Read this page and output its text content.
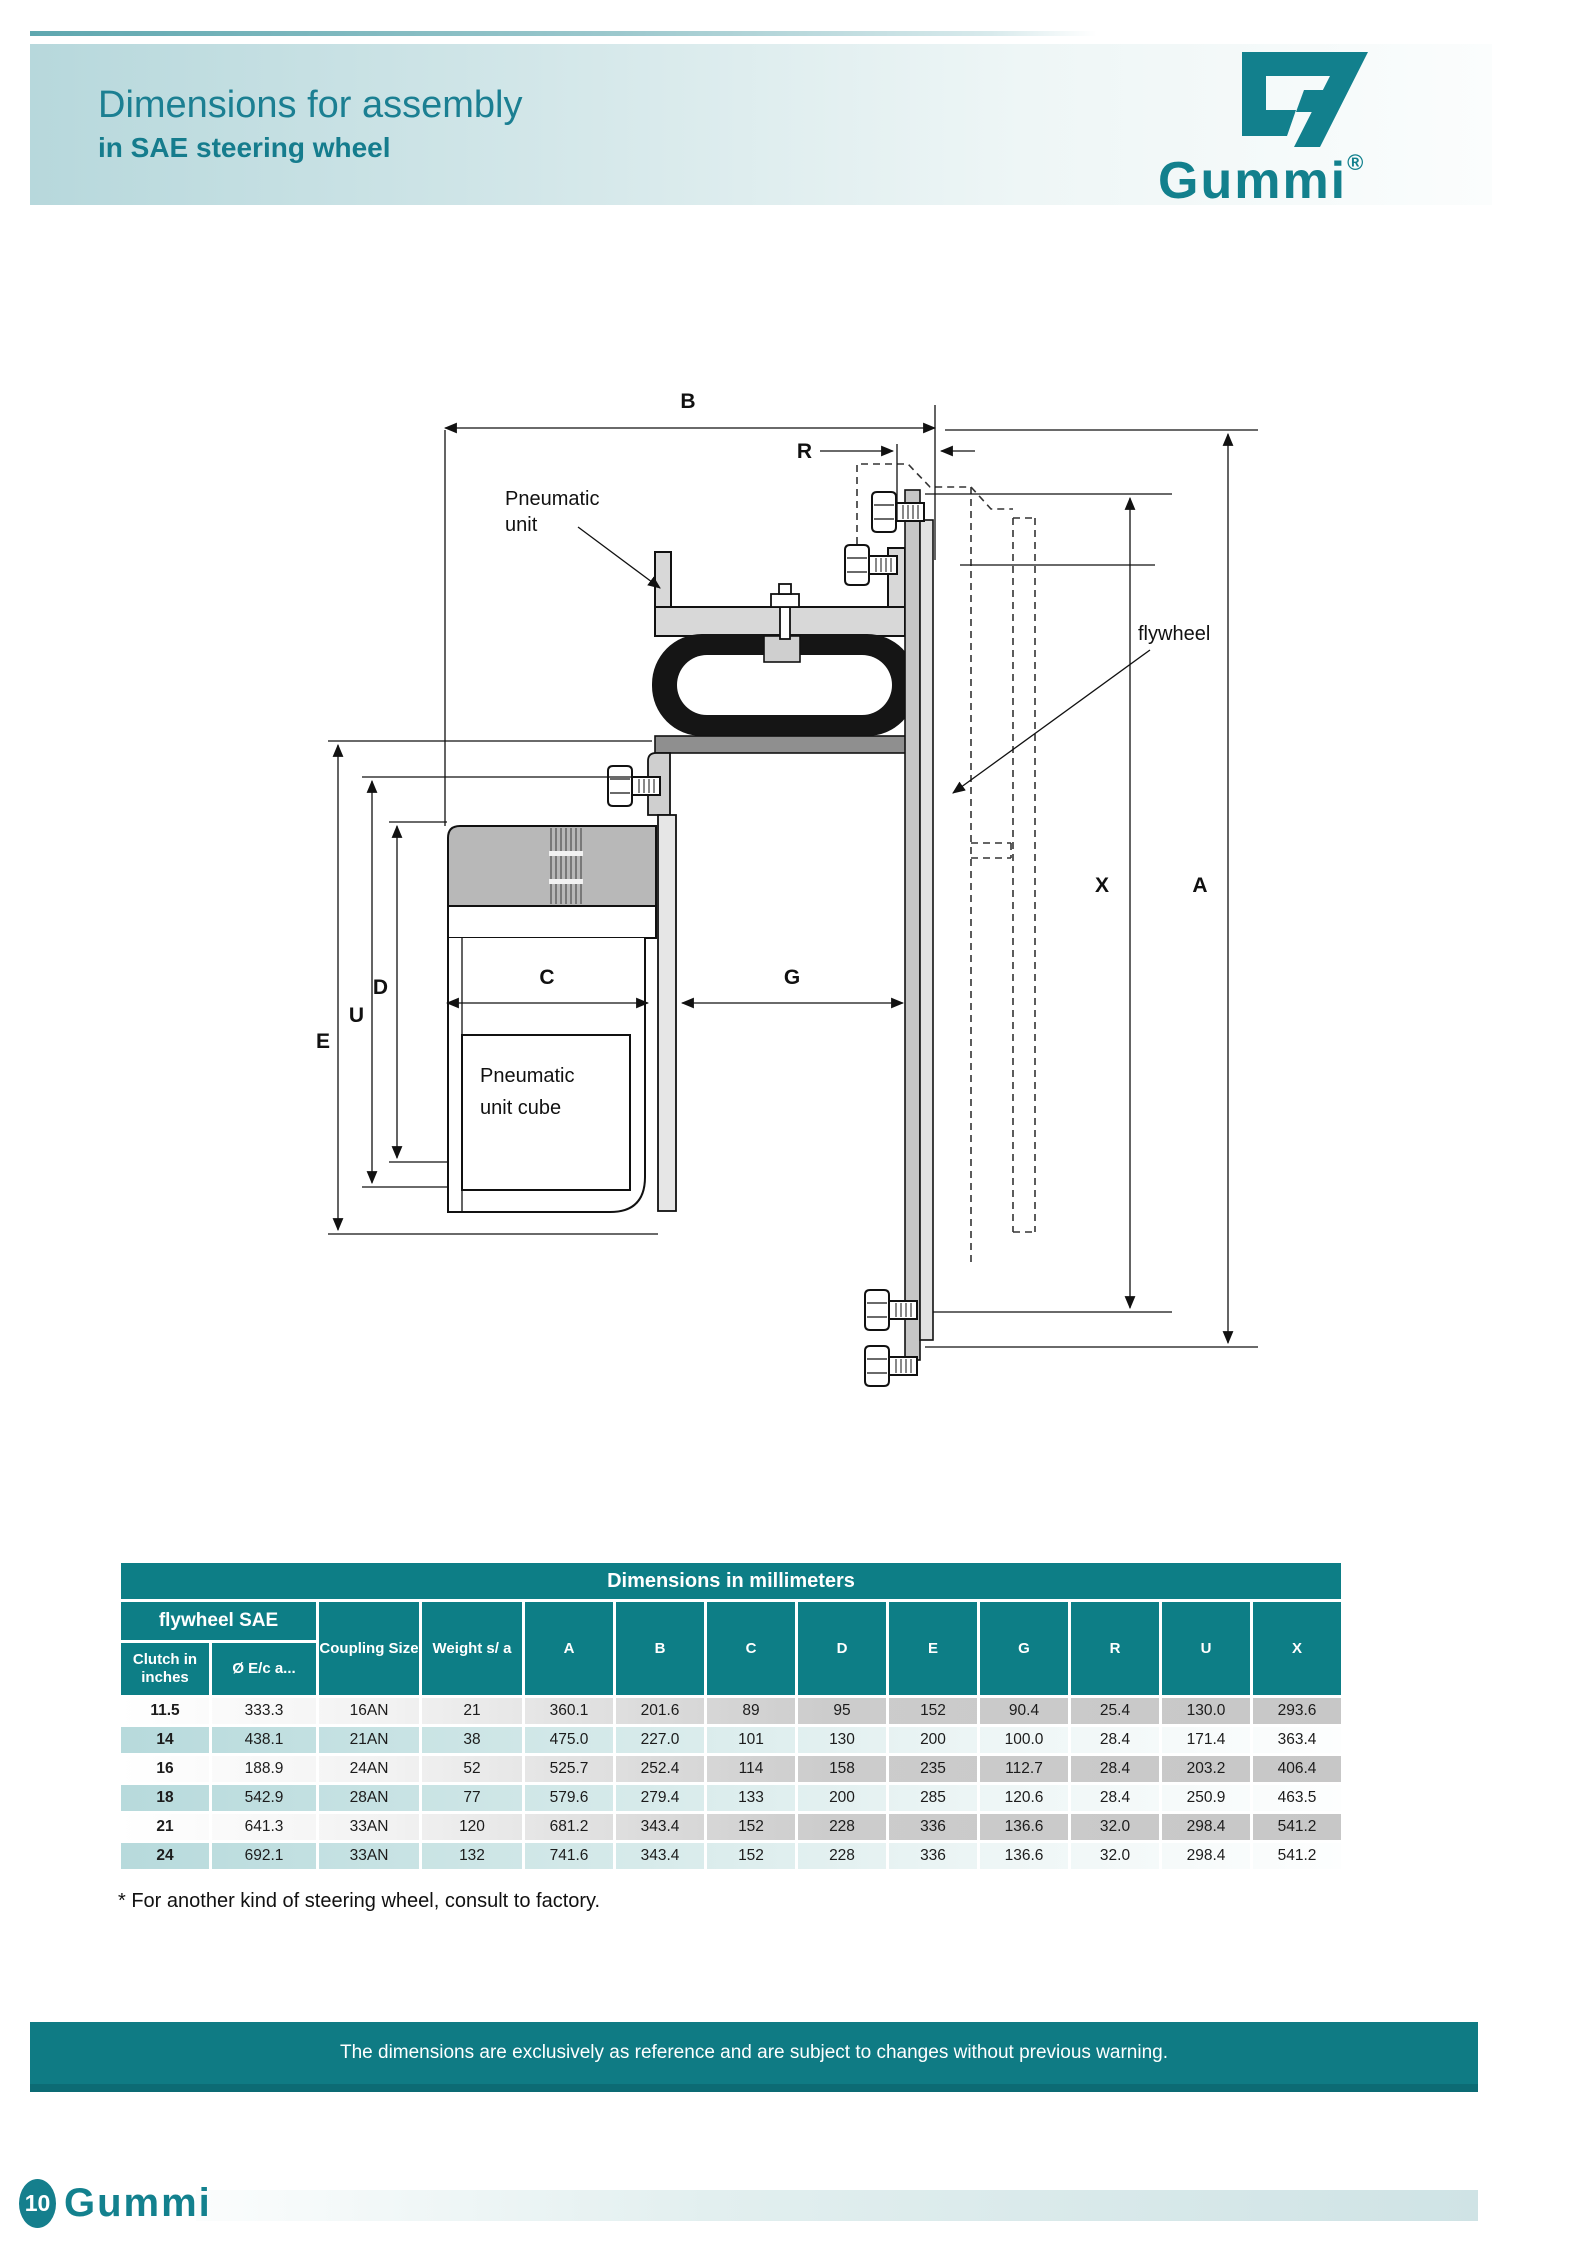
Dimensions for assembly
in SAE steering wheel
Gummi®
Pneumatic
unit cube
B
R
C	G
D
U
E
X	A
Pneumatic
unit
flywheel
Dimensions in millimeters												
flywheel SAE		Coupling Size	Weight s/ a	A	B	C	D	E	G	R	U	X
Clutch in inches	Ø E/c a...											
11.5	333.3	16AN	21	360.1	201.6	89	95	152	90.4	25.4	130.0	293.6
14	438.1	21AN	38	475.0	227.0	101	130	200	100.0	28.4	171.4	363.4
16	188.9	24AN	52	525.7	252.4	114	158	235	112.7	28.4	203.2	406.4
18	542.9	28AN	77	579.6	279.4	133	200	285	120.6	28.4	250.9	463.5
21	641.3	33AN	120	681.2	343.4	152	228	336	136.6	32.0	298.4	541.2
24	692.1	33AN	132	741.6	343.4	152	228	336	136.6	32.0	298.4	541.2
* For another kind of steering wheel, consult to factory.
The dimensions are exclusively as reference and are subject to changes without previous warning.
10 Gummi
